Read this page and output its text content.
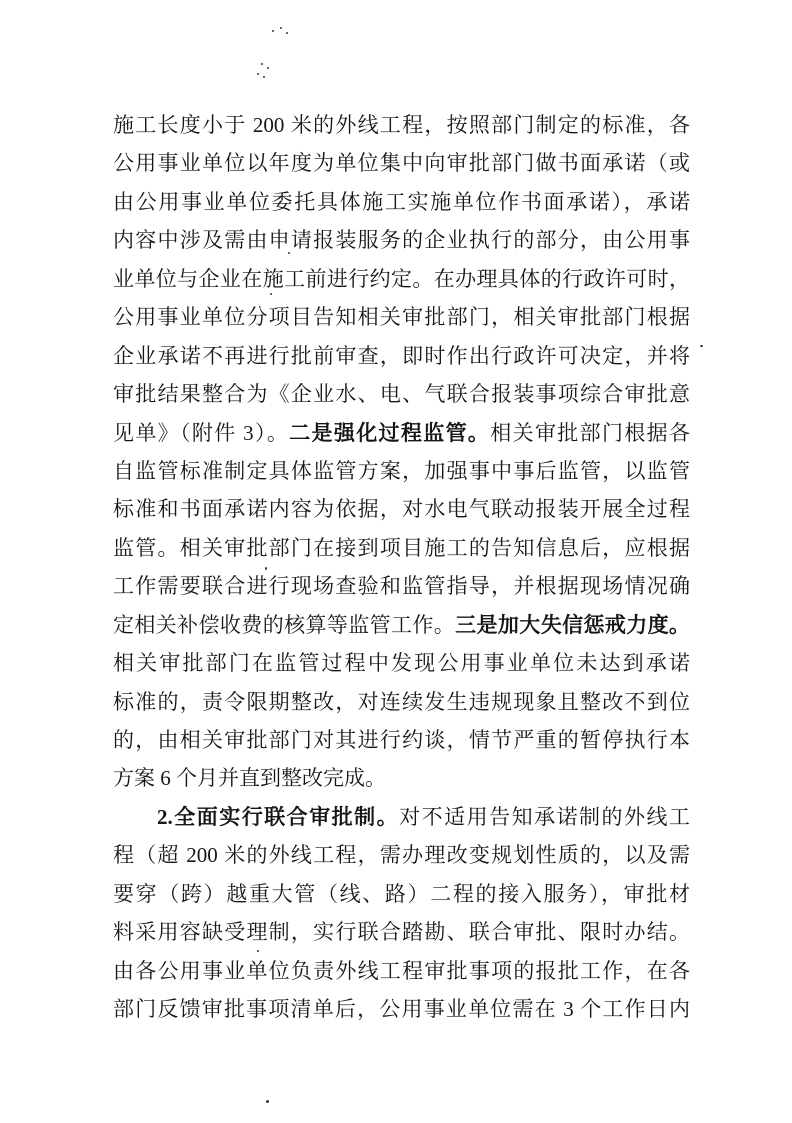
施工长度小于 200 米的外线工程，按照部门制定的标准，各
公用事业单位以年度为单位集中向审批部门做书面承诺（或
由公用事业单位委托具体施工实施单位作书面承诺），承诺
内容中涉及需由申请报装服务的企业执行的部分，由公用事
业单位与企业在施工前进行约定。在办理具体的行政许可时，
公用事业单位分项目告知相关审批部门，相关审批部门根据
企业承诺不再进行批前审查，即时作出行政许可决定，并将
审批结果整合为《企业水、电、气联合报装事项综合审批意
见单》（附件 3）。二是强化过程监管。相关审批部门根据各
自监管标准制定具体监管方案，加强事中事后监管，以监管
标准和书面承诺内容为依据，对水电气联动报装开展全过程
监管。相关审批部门在接到项目施工的告知信息后，应根据
工作需要联合进行现场查验和监管指导，并根据现场情况确
定相关补偿收费的核算等监管工作。三是加大失信惩戒力度。
相关审批部门在监管过程中发现公用事业单位未达到承诺
标准的，责令限期整改，对连续发生违规现象且整改不到位
的，由相关审批部门对其进行约谈，情节严重的暂停执行本
方案 6 个月并直到整改完成。
2.全面实行联合审批制。对不适用告知承诺制的外线工
程（超 200 米的外线工程，需办理改变规划性质的，以及需
要穿（跨）越重大管（线、路）二程的接入服务），审批材
料采用容缺受理制，实行联合踏勘、联合审批、限时办结。
由各公用事业单位负责外线工程审批事项的报批工作，在各
部门反馈审批事项清单后，公用事业单位需在 3 个工作日内
